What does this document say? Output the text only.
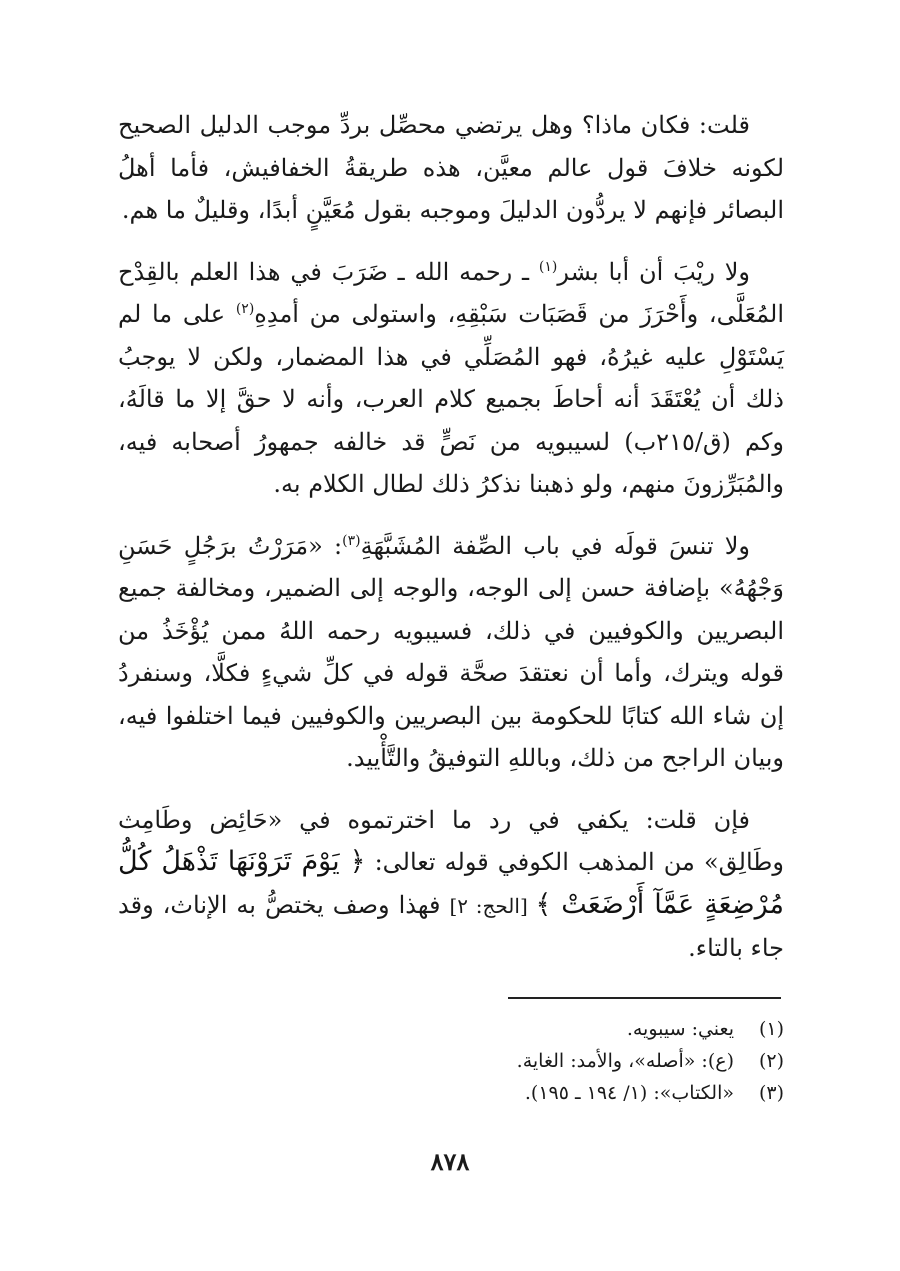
قلت: فكان ماذا؟ وهل يرتضي محصِّل بردِّ موجب الدليل الصحيح لكونه خلافَ قول عالم معيَّن، هذه طريقةُ الخفافيش، فأما أهلُ البصائر فإنهم لا يردُّون الدليلَ وموجبه بقول مُعَيَّنٍ أبدًا، وقليلٌ ما هم.

ولا ريْبَ أن أبا بشر$^{(١)}$ ـ رحمه الله ـ ضَرَبَ في هذا العلم بالقِدْح المُعَلَّى، وأَحْرَزَ من قَصَبَات سَبْقِهِ، واستولى من أمدِهِ$^{(٢)}$ على ما لم يَسْتَوْلِ عليه غيرُهُ، فهو المُصَلِّي في هذا المضمار، ولكن لا يوجبُ ذلك أن يُعْتَقَدَ أنه أحاطَ بجميع كلام العرب، وأنه لا حقَّ إلا ما قالَهُ، وكم (ق/٢١٥ب) لسيبويه من نَصٍّ قد خالفه جمهورُ أصحابه فيه، والمُبَرِّزونَ منهم، ولو ذهبنا نذكرُ ذلك لطال الكلام به.

ولا تنسَ قولَه في باب الصِّفة المُشَبَّهَةِ$^{(٣)}$: «مَرَرْتُ برَجُلٍ حَسَنِ وَجْهُهُ» بإضافة حسن إلى الوجه، والوجه إلى الضمير، ومخالفة جميع البصريين والكوفيين في ذلك، فسيبويه رحمه اللهُ ممن يُؤْخَذُ من قوله ويترك، وأما أن نعتقدَ صحَّة قوله في كلِّ شيءٍ فكلَّا، وسنفردُ إن شاء الله كتابًا للحكومة بين البصريين والكوفيين فيما اختلفوا فيه، وبيان الراجح من ذلك، وباللهِ التوفيقُ والتَّأْييد.

فإن قلت: يكفي في رد ما اخترتموه في «حَائِض وطَامِث وطَالِق» من المذهب الكوفي قوله تعالى: ﴿ يَوْمَ تَرَوْنَهَا تَذْهَلُ كُلُّ مُرْضِعَةٍ عَمَّآ أَرْضَعَتْ ﴾ [الحج: ٢] فهذا وصف يختصُّ به الإناث، وقد جاء بالتاء.

(١)
يعني: سيبويه.
(٢)
(ع): «أصله»، والأمد: الغاية.
(٣)
«الكتاب»: (١/ ١٩٤ ـ ١٩٥).
٨٧٨
